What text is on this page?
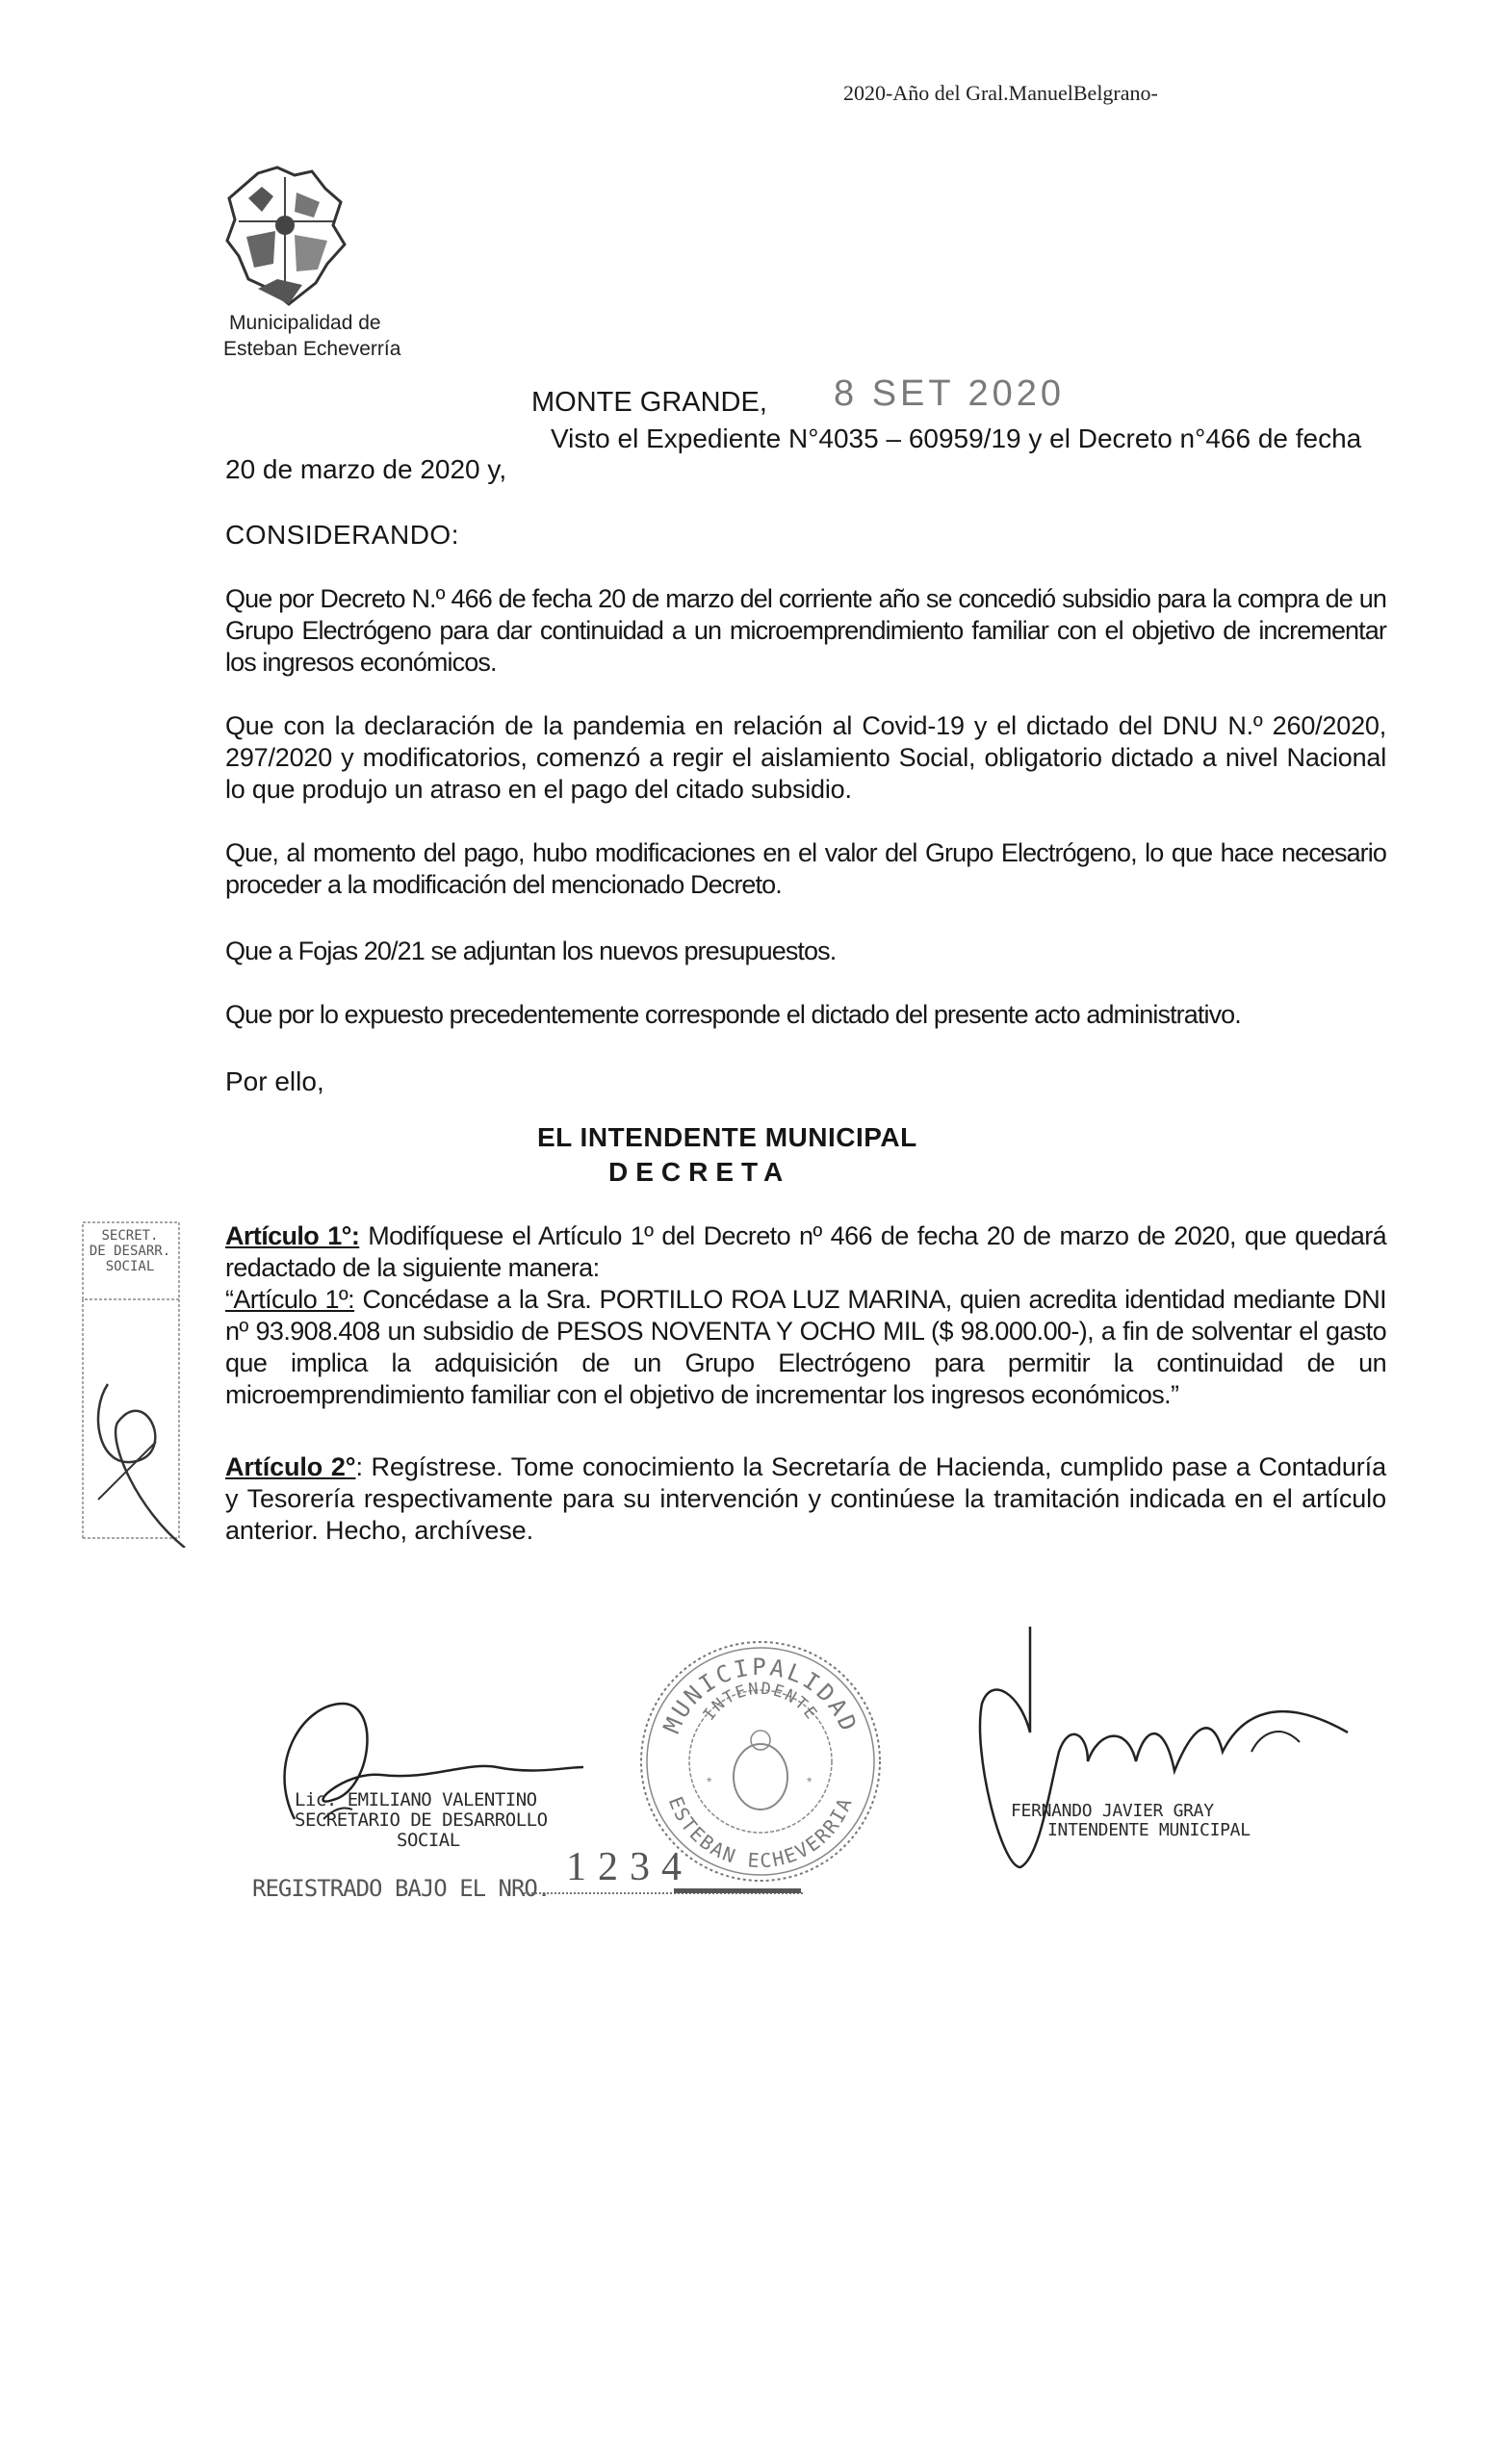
2020-Año del Gral.ManuelBelgrano-
Municipalidad de
Esteban Echeverría
MONTE GRANDE, 8 SET 2020
Visto el Expediente N°4035 – 60959/19 y el Decreto n°466 de fecha
20 de marzo de 2020 y,
CONSIDERANDO:
Que por Decreto N.º 466 de fecha 20 de marzo del corriente año se concedió subsidio para la compra de un Grupo Electrógeno para dar continuidad a un microemprendimiento familiar con el objetivo de incrementar los ingresos económicos.
Que con la declaración de la pandemia en relación al Covid-19 y el dictado del DNU N.º 260/2020, 297/2020 y modificatorios, comenzó a regir el aislamiento Social, obligatorio dictado a nivel Nacional lo que produjo un atraso en el pago del citado subsidio.
Que, al momento del pago, hubo modificaciones en el valor del Grupo Electrógeno, lo que hace necesario proceder a la modificación del mencionado Decreto.
Que a Fojas 20/21 se adjuntan los nuevos presupuestos.
Que por lo expuesto precedentemente corresponde el dictado del presente acto administrativo.
Por ello,
EL INTENDENTE MUNICIPAL
DECRETA
SECRET.
DE DESARR.
SOCIAL
Artículo 1°: Modifíquese el Artículo 1º del Decreto nº 466 de fecha 20 de marzo de 2020, que quedará redactado de la siguiente manera:
“Artículo 1º: Concédase a la Sra. PORTILLO ROA LUZ MARINA, quien acredita identidad mediante DNI nº 93.908.408 un subsidio de PESOS NOVENTA Y OCHO MIL ($ 98.000.00-), a fin de solventar el gasto que implica la adquisición de un Grupo Electrógeno para permitir la continuidad de un microemprendimiento familiar con el objetivo de incrementar los ingresos económicos.”
Artículo 2°: Regístrese. Tome conocimiento la Secretaría de Hacienda, cumplido pase a Contaduría y Tesorería respectivamente para su intervención y continúese la tramitación indicada en el artículo anterior. Hecho, archívese.
Lic. EMILIANO VALENTINO
SECRETARIO DE DESARROLLO
SOCIAL
MUNICIPALIDAD
INTENDENTE
ESTEBAN ECHEVERRIA
*	*
FERNANDO JAVIER GRAY
INTENDENTE MUNICIPAL
REGISTRADO BAJO EL NRO. 1234
